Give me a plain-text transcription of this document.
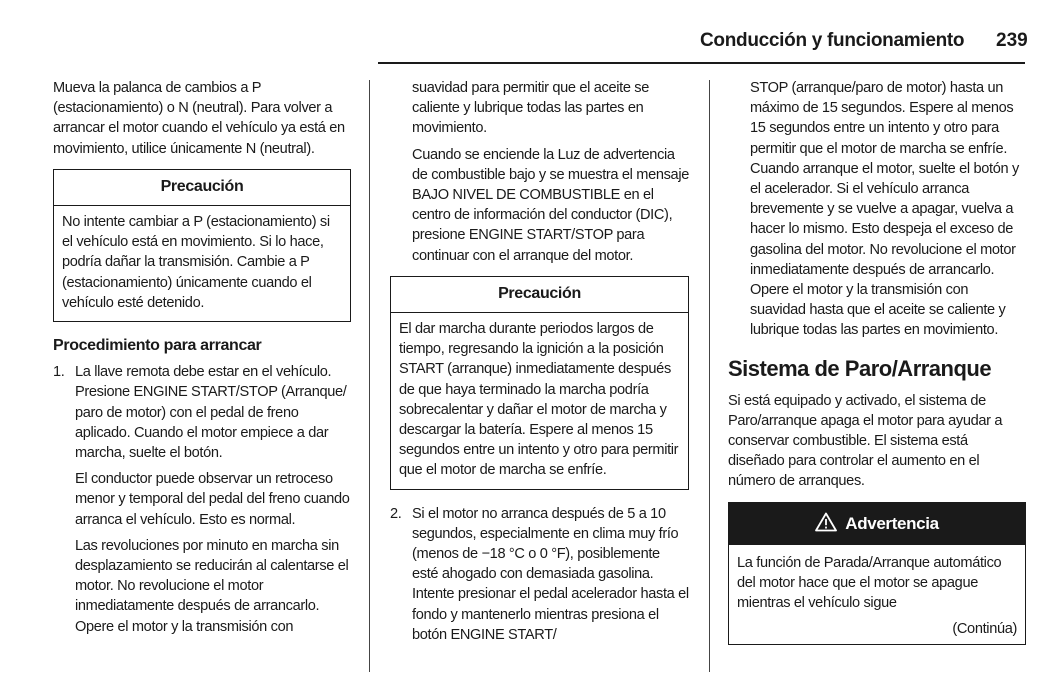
Conducción y funcionamiento 239

Mueva la palanca de cambios a P (estacionamiento) o N (neutral). Para volver a arrancar el motor cuando el vehículo ya está en movimiento, utilice únicamente N (neutral).

Precaución
No intente cambiar a P (estacionamiento) si el vehículo está en movimiento. Si lo hace, podría dañar la transmisión. Cambie a P (estacionamiento) únicamente cuando el vehículo esté detenido.
Procedimiento para arrancar
1. La llave remota debe estar en el vehículo. Presione ENGINE START/STOP (Arranque/ paro de motor) con el pedal de freno aplicado. Cuando el motor empiece a dar marcha, suelte el botón.

El conductor puede observar un retroceso menor y temporal del pedal del freno cuando arranca el vehículo. Esto es normal.

Las revoluciones por minuto en marcha sin desplazamiento se reducirán al calentarse el motor. No revolucione el motor inmediatamente después de arrancarlo. Opere el motor y la transmisión con

suavidad para permitir que el aceite se caliente y lubrique todas las partes en movimiento.

Cuando se enciende la Luz de advertencia de combustible bajo y se muestra el mensaje BAJO NIVEL DE COMBUSTIBLE en el centro de información del conductor (DIC), presione ENGINE START/STOP para continuar con el arranque del motor.

Precaución
El dar marcha durante periodos largos de tiempo, regresando la ignición a la posición START (arranque) inmediatamente después de que haya terminado la marcha podría sobrecalentar y dañar el motor de marcha y descargar la batería. Espere al menos 15 segundos entre un intento y otro para permitir que el motor de marcha se enfríe.
2. Si el motor no arranca después de 5 a 10 segundos, especialmente en clima muy frío (menos de −18 °C o 0 °F), posiblemente esté ahogado con demasiada gasolina. Intente presionar el pedal acelerador hasta el fondo y mantenerlo mientras presiona el botón ENGINE START/

STOP (arranque/paro de motor) hasta un máximo de 15 segundos. Espere al menos 15 segundos entre un intento y otro para permitir que el motor de marcha se enfríe. Cuando arranque el motor, suelte el botón y el acelerador. Si el vehículo arranca brevemente y se vuelve a apagar, vuelva a hacer lo mismo. Esto despeja el exceso de gasolina del motor. No revolucione el motor inmediatamente después de arrancarlo. Opere el motor y la transmisión con suavidad hasta que el aceite se caliente y lubrique todas las partes en movimiento.

Sistema de Paro/Arranque

Si está equipado y activado, el sistema de Paro/arranque apaga el motor para ayudar a conservar combustible. El sistema está diseñado para controlar el aumento en el número de arranques.

Advertencia
La función de Parada/Arranque automático del motor hace que el motor se apague mientras el vehículo sigue
(Continúa)
